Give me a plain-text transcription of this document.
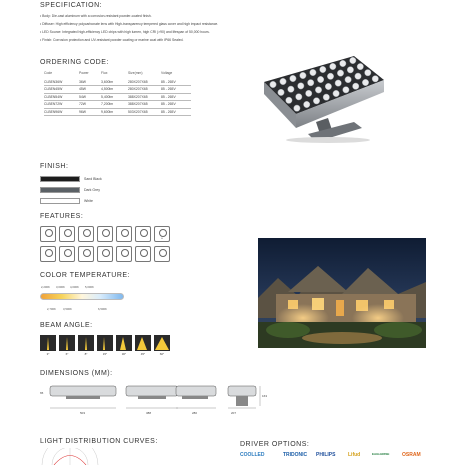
SPECIFICATION:
• Body: Die-cast aluminum with a corrosion-resistant powder-coated finish.
• Diffuser: High efficiency polycarbonate lens with High-transparency tempered glass cover and high impact resistance.
• LED Source: Integrated high-efficiency LED chips with high lumen, high CRI (>90) and lifespan of 50,000 hours.
• Finish: Corrosion protection and UV-resistant powder coating or marine coat with IP66 Sealed.
ORDERING CODE:
Code	Power	Flux	Size(mm)	Voltage
CLBEN36W	36W	3,600lm	280X207X65	85 - 265V
CLBEN45W	45W	4,500lm	280X207X65	85 - 265V
CLBEN54W	54W	5,400lm	388X207X65	85 - 265V
CLBEN72W	72W	7,200lm	388X207X65	85 - 265V
CLBEN96W	96W	9,600lm	503X207X65	85 - 265V
FINISH:
Sand Black
Dark Grey
White
FEATURES:
A
COLOR TEMPERATURE:
2,200K 3,000K 4,000K 5,000K
2,700K	3,500K	6,500K
BEAM ANGLE:
3°	6°	8°	15°	30°	45°	60°
DIMENSIONS (MM):
65
503	388	280	207
163
LIGHT DISTRIBUTION CURVES:	DRIVER OPTIONS:
COOLLED	TRIDONIC PHILIPS	Lifud	EAGLERISE	OSRAM
